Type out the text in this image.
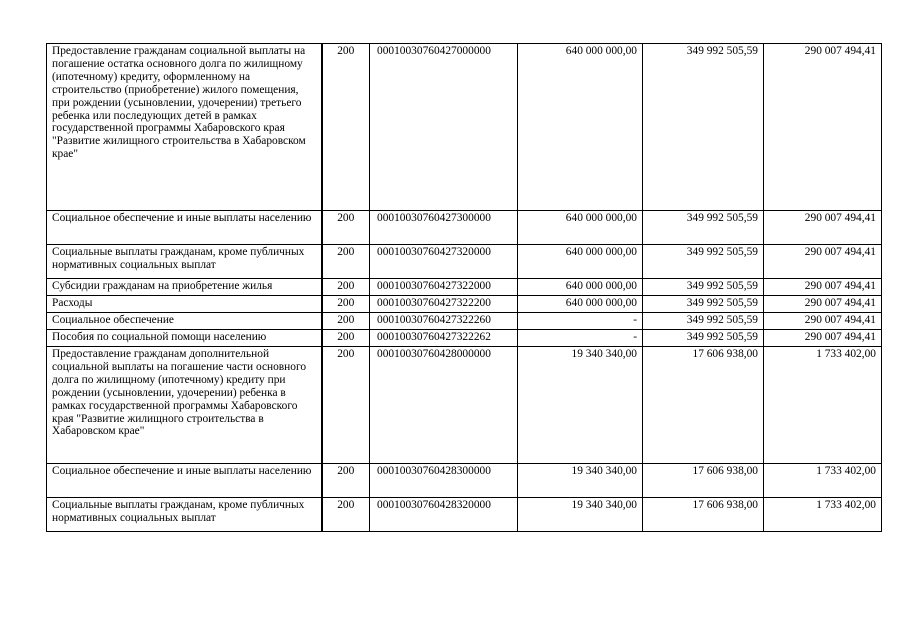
Предоставление гражданам социальной выплаты на погашение остатка основного долга по жилищному (ипотечному) кредиту, оформленному на строительство (приобретение) жилого помещения, при рождении (усыновлении, удочерении) третьего ребенка или последующих детей в рамках государственной программы Хабаровского края "Развитие жилищного строительства в Хабаровском крае"	200	00010030760427000000	640 000 000,00	349 992 505,59	290 007 494,41
Социальное обеспечение и иные выплаты населению	200	00010030760427300000	640 000 000,00	349 992 505,59	290 007 494,41
Социальные выплаты гражданам, кроме публичных нормативных социальных выплат	200	00010030760427320000	640 000 000,00	349 992 505,59	290 007 494,41
Субсидии гражданам на приобретение жилья	200	00010030760427322000	640 000 000,00	349 992 505,59	290 007 494,41
Расходы	200	00010030760427322200	640 000 000,00	349 992 505,59	290 007 494,41
Социальное обеспечение	200	00010030760427322260	-	349 992 505,59	290 007 494,41
Пособия по социальной помощи населению	200	00010030760427322262	-	349 992 505,59	290 007 494,41
Предоставление гражданам дополнительной социальной выплаты на погашение части основного долга по жилищному (ипотечному) кредиту при рождении (усыновлении, удочерении) ребенка в рамках государственной программы Хабаровского края "Развитие жилищного строительства в Хабаровском крае"	200	00010030760428000000	19 340 340,00	17 606 938,00	1 733 402,00
Социальное обеспечение и иные выплаты населению	200	00010030760428300000	19 340 340,00	17 606 938,00	1 733 402,00
Социальные выплаты гражданам, кроме публичных нормативных социальных выплат	200	00010030760428320000	19 340 340,00	17 606 938,00	1 733 402,00
